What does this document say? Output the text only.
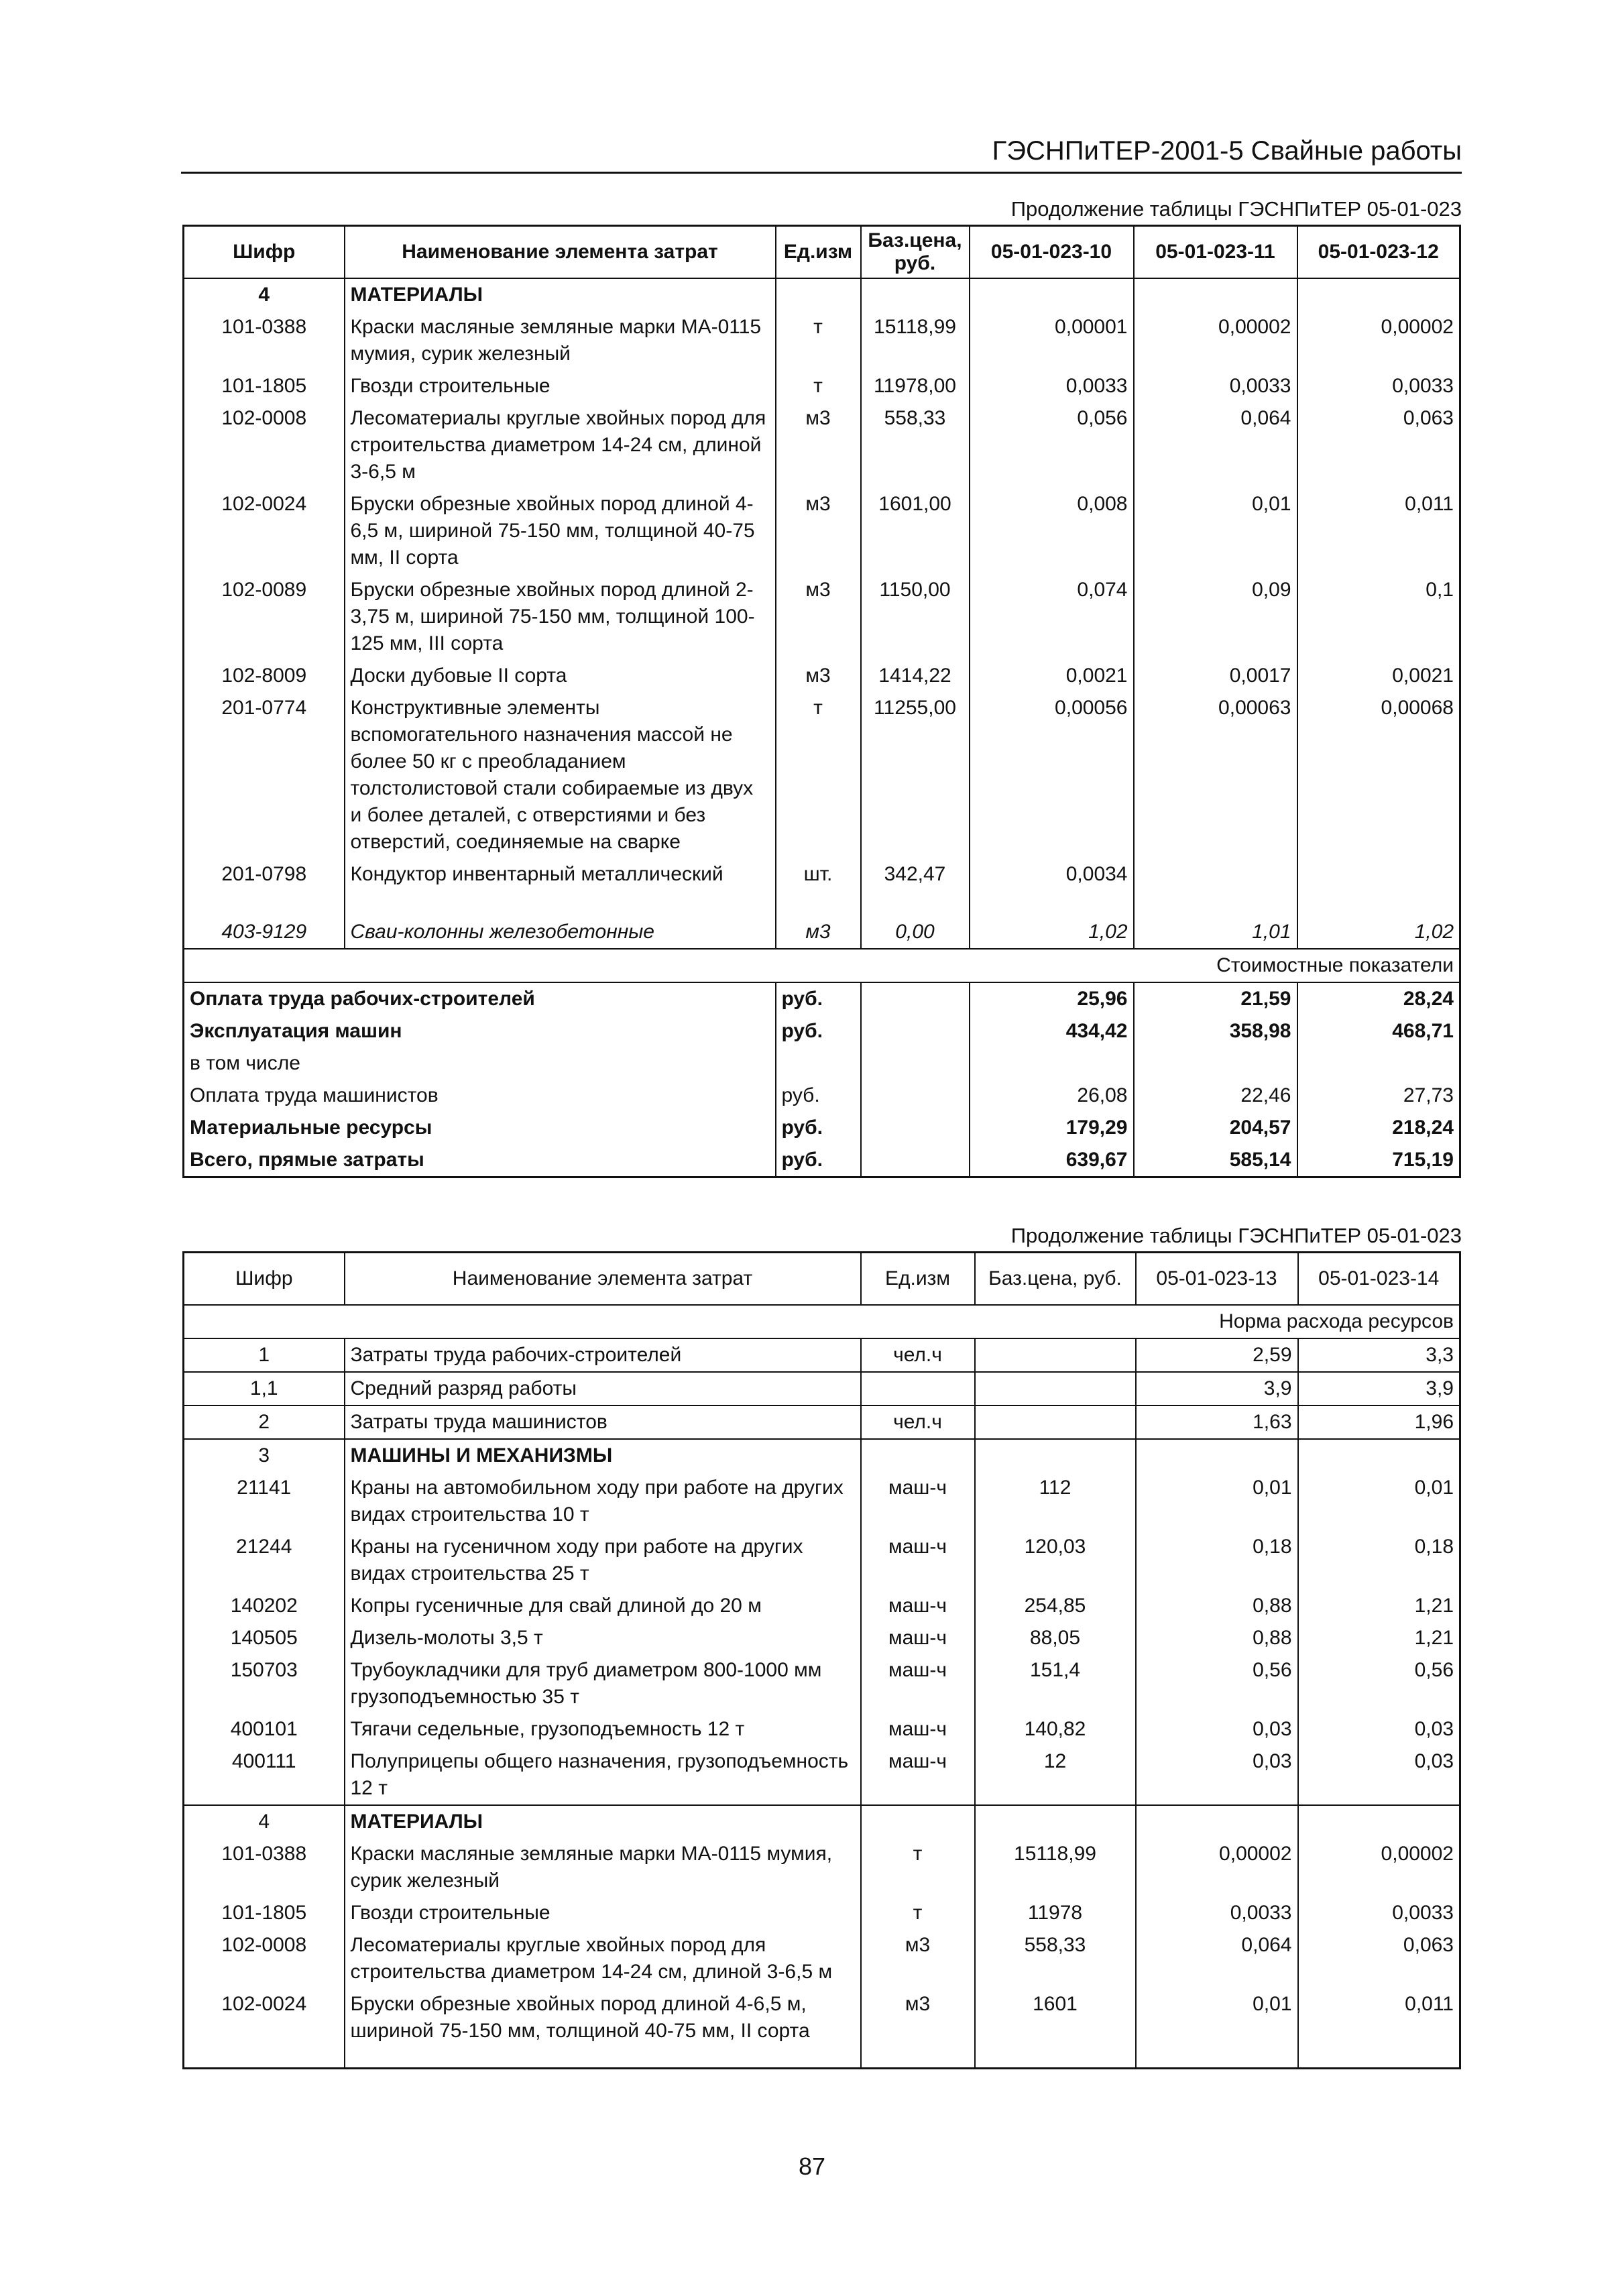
ГЭСНПиТЕР-2001-5 Свайные работы
Продолжение таблицы ГЭСНПиТЕР 05-01-023
Шифр	Наименование элемента затрат	Ед.изм	Баз.цена, руб.	05-01-023-10	05-01-023-11	05-01-023-12
4	МАТЕРИАЛЫ					
101-0388	Краски масляные земляные марки МА-0115 мумия, сурик железный	т	15118,99	0,00001	0,00002	0,00002
101-1805	Гвозди строительные	т	11978,00	0,0033	0,0033	0,0033
102-0008	Лесоматериалы круглые хвойных пород для строительства диаметром 14-24 см, длиной 3-6,5 м	м3	558,33	0,056	0,064	0,063
102-0024	Бруски обрезные хвойных пород длиной 4-6,5 м, шириной 75-150 мм, толщиной 40-75 мм, II сорта	м3	1601,00	0,008	0,01	0,011
102-0089	Бруски обрезные хвойных пород длиной 2-3,75 м, шириной 75-150 мм, толщиной 100-125 мм, III сорта	м3	1150,00	0,074	0,09	0,1
102-8009	Доски дубовые II сорта	м3	1414,22	0,0021	0,0017	0,0021
201-0774	Конструктивные элементы вспомогательного назначения массой не более 50 кг с преобладанием толстолистовой стали собираемые из двух и более деталей, с отверстиями и без отверстий, соединяемые на сварке	т	11255,00	0,00056	0,00063	0,00068
201-0798	Кондуктор инвентарный металлический	шт.	342,47	0,0034		
403-9129	Сваи-колонны железобетонные	м3	0,00	1,02	1,01	1,02
Стоимостные показатели						
Оплата труда рабочих-строителей		руб.		25,96	21,59	28,24
Эксплуатация машин		руб.		434,42	358,98	468,71
в том числе						
Оплата труда машинистов		руб.		26,08	22,46	27,73
Материальные ресурсы		руб.		179,29	204,57	218,24
Всего, прямые затраты		руб.		639,67	585,14	715,19
Продолжение таблицы ГЭСНПиТЕР 05-01-023
Шифр	Наименование элемента затрат	Ед.изм	Баз.цена, руб.	05-01-023-13	05-01-023-14
Норма расхода ресурсов					
1	Затраты труда рабочих-строителей	чел.ч		2,59	3,3
1,1	Средний разряд работы			3,9	3,9
2	Затраты труда машинистов	чел.ч		1,63	1,96
3	МАШИНЫ И МЕХАНИЗМЫ				
21141	Краны на автомобильном ходу при работе на других видах строительства 10 т	маш-ч	112	0,01	0,01
21244	Краны на гусеничном ходу при работе на других видах строительства 25 т	маш-ч	120,03	0,18	0,18
140202	Копры гусеничные для свай длиной до 20 м	маш-ч	254,85	0,88	1,21
140505	Дизель-молоты 3,5 т	маш-ч	88,05	0,88	1,21
150703	Трубоукладчики для труб диаметром 800-1000 мм грузоподъемностью 35 т	маш-ч	151,4	0,56	0,56
400101	Тягачи седельные, грузоподъемность 12 т	маш-ч	140,82	0,03	0,03
400111	Полуприцепы общего назначения, грузоподъемность 12 т	маш-ч	12	0,03	0,03
4	МАТЕРИАЛЫ				
101-0388	Краски масляные земляные марки МА-0115 мумия, сурик железный	т	15118,99	0,00002	0,00002
101-1805	Гвозди строительные	т	11978	0,0033	0,0033
102-0008	Лесоматериалы круглые хвойных пород для строительства диаметром 14-24 см, длиной 3-6,5 м	м3	558,33	0,064	0,063
102-0024	Бруски обрезные хвойных пород длиной 4-6,5 м, шириной 75-150 мм, толщиной 40-75 мм, II сорта	м3	1601	0,01	0,011
87
